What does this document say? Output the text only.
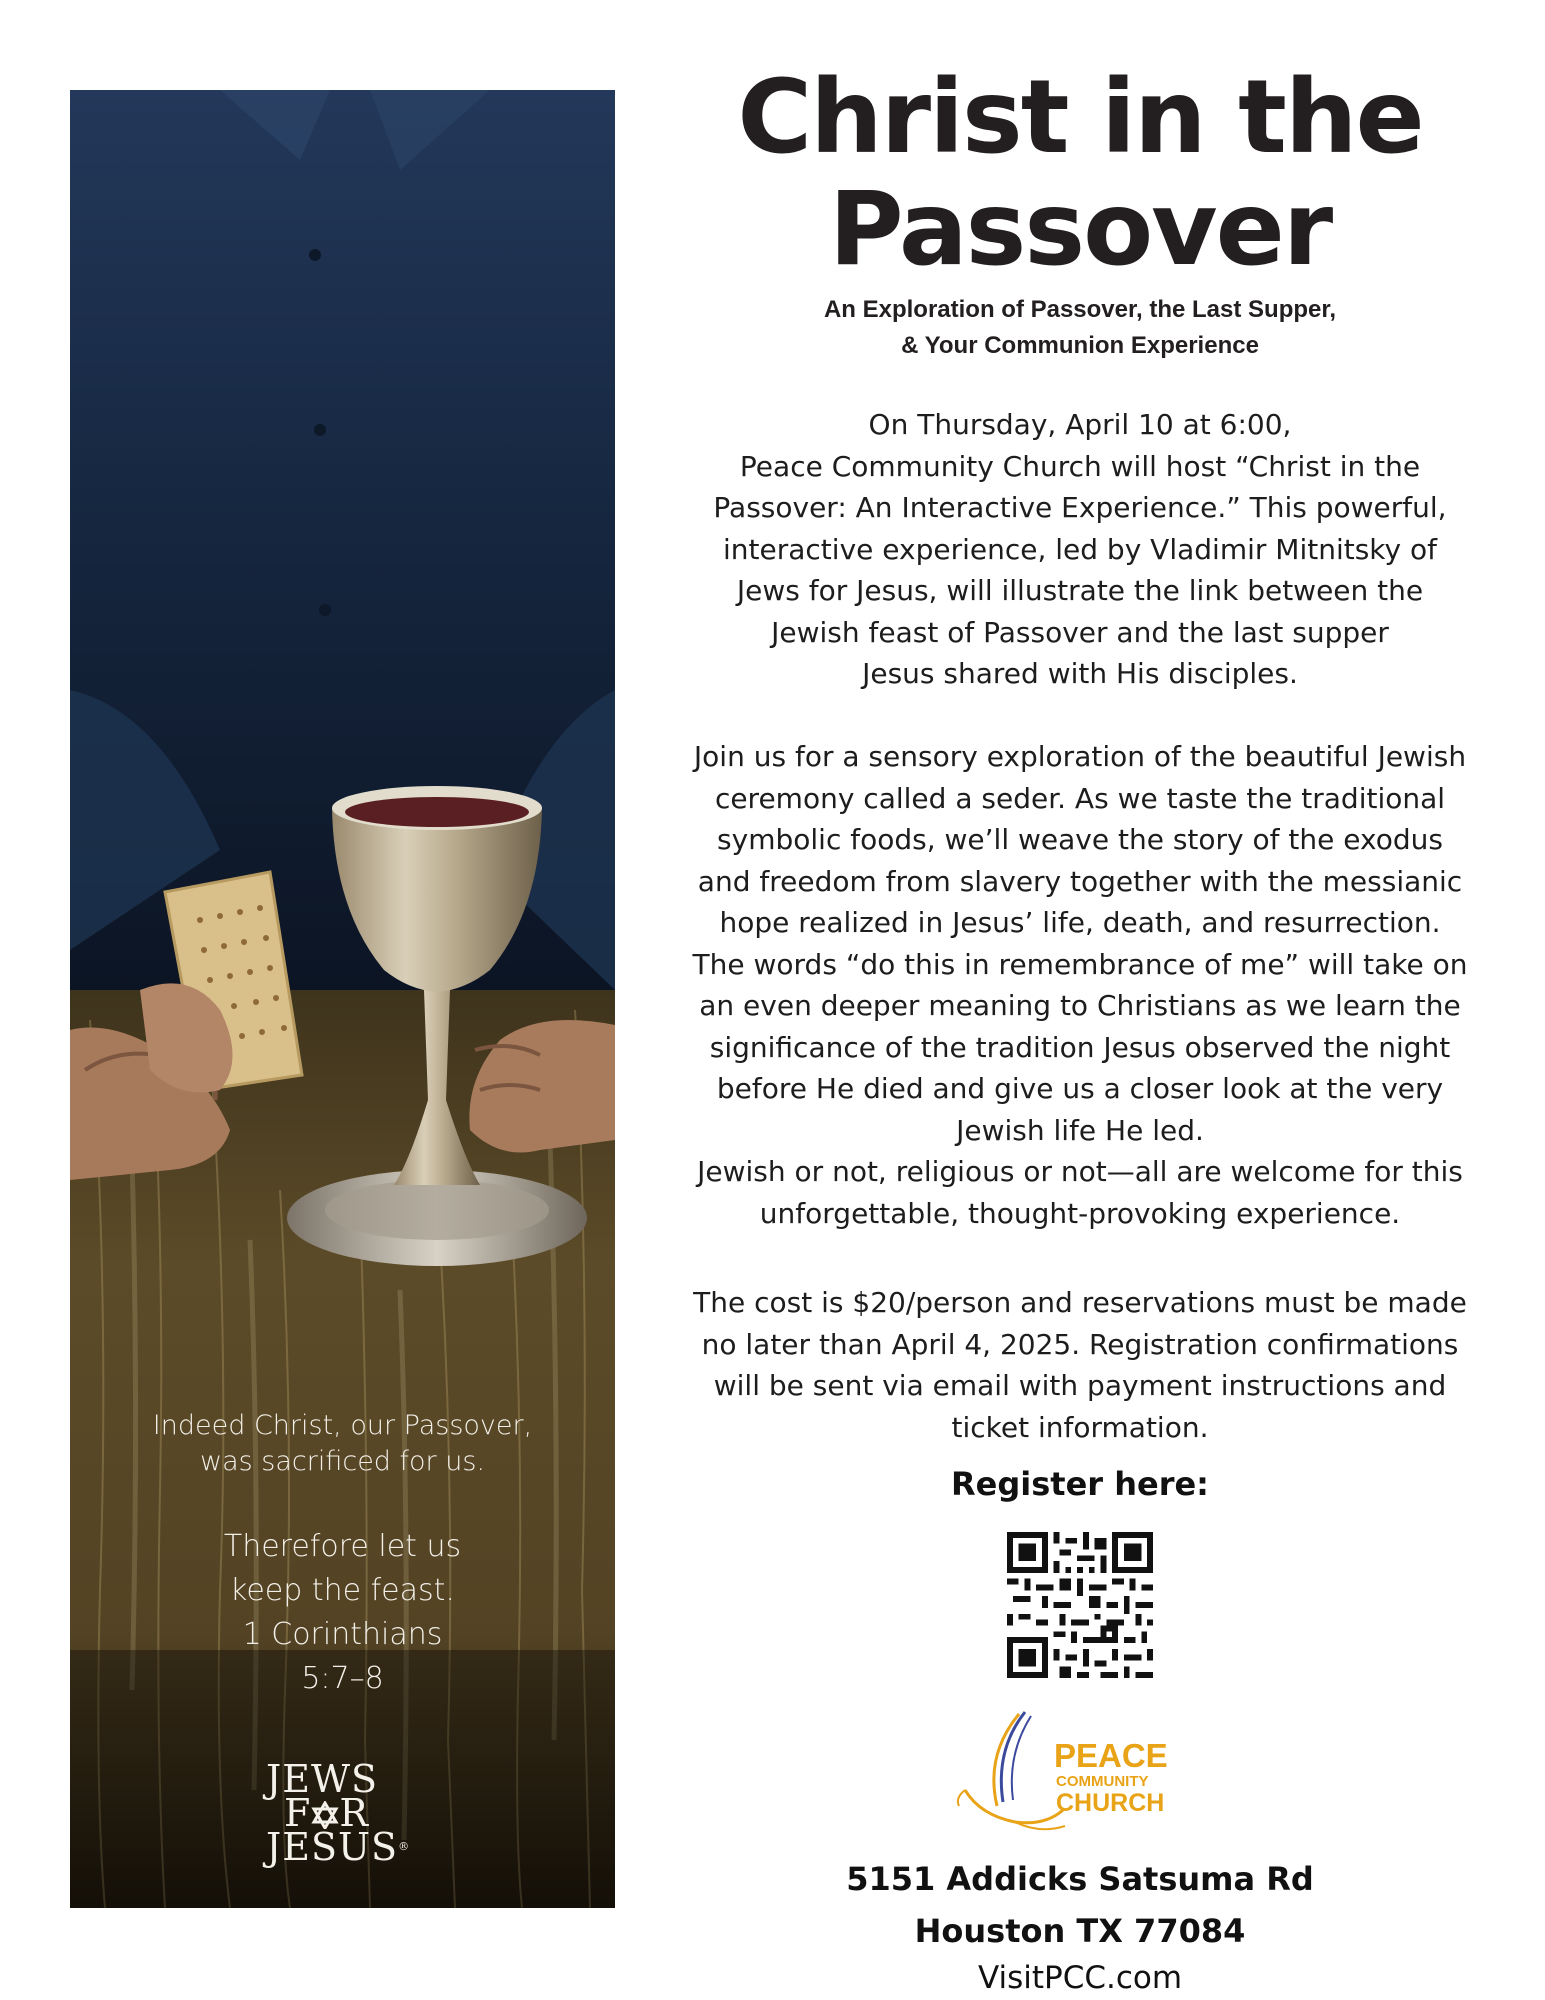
Indeed Christ, our Passover,
was sacrificed for us.
Therefore let us
keep the feast.
1 Corinthians
5:7–8
JEWS
F R
JESUS®
Christ in the
Passover
An Exploration of Passover, the Last Supper,
& Your Communion Experience
On Thursday, April 10 at 6:00,
Peace Community Church will host “Christ in the
Passover: An Interactive Experience.” This powerful,
interactive experience, led by Vladimir Mitnitsky of
Jews for Jesus, will illustrate the link between the
Jewish feast of Passover and the last supper
Jesus shared with His disciples.
Join us for a sensory exploration of the beautiful Jewish
ceremony called a seder. As we taste the traditional
symbolic foods, we’ll weave the story of the exodus
and freedom from slavery together with the messianic
hope realized in Jesus’ life, death, and resurrection.
The words “do this in remembrance of me” will take on
an even deeper meaning to Christians as we learn the
significance of the tradition Jesus observed the night
before He died and give us a closer look at the very
Jewish life He led.
Jewish or not, religious or not—all are welcome for this
unforgettable, thought-provoking experience.
The cost is $20/person and reservations must be made
no later than April 4, 2025. Registration confirmations
will be sent via email with payment instructions and
ticket information.
Register here:
PEACE
COMMUNITY
CHURCH
5151 Addicks Satsuma Rd
Houston TX 77084
VisitPCC.com
